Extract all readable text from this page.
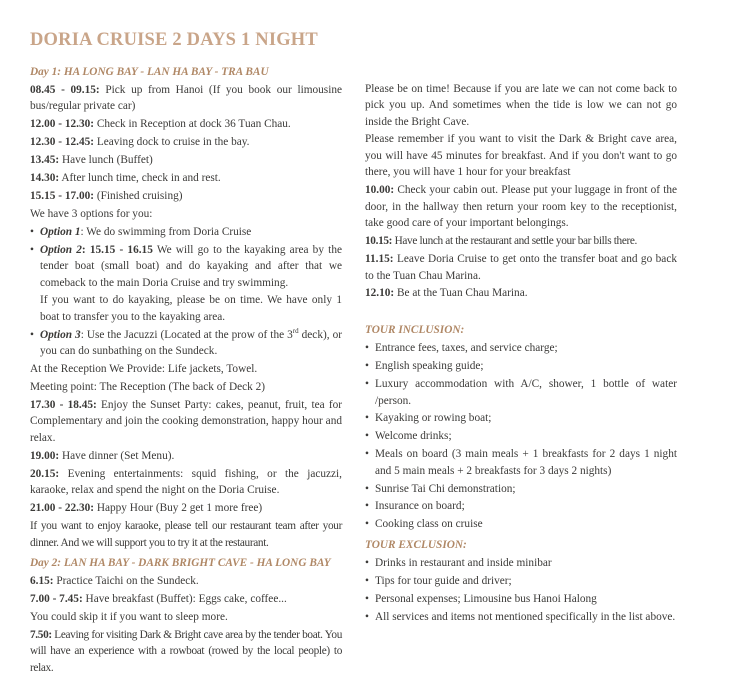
DORIA CRUISE 2 DAYS 1 NIGHT
Day 1: HA LONG BAY - LAN HA BAY - TRA BAU
08.45 - 09.15: Pick up from Hanoi (If you book our limousine bus/regular private car)
12.00 - 12.30: Check in Reception at dock 36 Tuan Chau.
12.30 - 12.45: Leaving dock to cruise in the bay.
13.45: Have lunch (Buffet)
14.30: After lunch time, check in and rest.
15.15 - 17.00: (Finished cruising)
We have 3 options for you:
• Option 1: We do swimming from Doria Cruise
• Option 2: 15.15 - 16.15 We will go to the kayaking area by the tender boat (small boat) and do kayaking and after that we comeback to the main Doria Cruise and try swimming.
If you want to do kayaking, please be on time. We have only 1 boat to transfer you to the kayaking area.
• Option 3: Use the Jacuzzi (Located at the prow of the 3rd deck), or you can do sunbathing on the Sundeck.
At the Reception We Provide: Life jackets, Towel.
Meeting point: The Reception (The back of Deck 2)
17.30 - 18.45: Enjoy the Sunset Party: cakes, peanut, fruit, tea for Complementary and join the cooking demonstration, happy hour and relax.
19.00: Have dinner (Set Menu).
20.15: Evening entertainments: squid fishing, or the jacuzzi, karaoke, relax and spend the night on the Doria Cruise.
21.00 - 22.30: Happy Hour (Buy 2 get 1 more free)
If you want to enjoy karaoke, please tell our restaurant team after your dinner. And we will support you to try it at the restaurant.
Day 2: LAN HA BAY - DARK BRIGHT CAVE - HA LONG BAY
6.15: Practice Taichi on the Sundeck.
7.00 - 7.45: Have breakfast (Buffet): Eggs cake, coffee...
You could skip it if you want to sleep more.
7.50: Leaving for visiting Dark & Bright cave area by the tender boat. You will have an experience with a rowboat (rowed by the local people) to relax.
Please be on time! Because if you are late we can not come back to pick you up. And sometimes when the tide is low we can not go inside the Bright Cave.
Please remember if you want to visit the Dark & Bright cave area, you will have 45 minutes for breakfast. And if you don't want to go there, you will have 1 hour for your breakfast
10.00: Check your cabin out. Please put your luggage in front of the door, in the hallway then return your room key to the receptionist, take good care of your important belongings.
10.15: Have lunch at the restaurant and settle your bar bills there.
11.15: Leave Doria Cruise to get onto the transfer boat and go back to the Tuan Chau Marina.
12.10: Be at the Tuan Chau Marina.
TOUR INCLUSION:
• Entrance fees, taxes, and service charge;
• English speaking guide;
• Luxury accommodation with A/C, shower, 1 bottle of water /person.
• Kayaking or rowing boat;
• Welcome drinks;
• Meals on board (3 main meals + 1 breakfasts for 2 days 1 night and 5 main meals + 2 breakfasts for 3 days 2 nights)
• Sunrise Tai Chi demonstration;
• Insurance on board;
• Cooking class on cruise
TOUR EXCLUSION:
• Drinks in restaurant and inside minibar
• Tips for tour guide and driver;
• Personal expenses; Limousine bus Hanoi Halong
• All services and items not mentioned specifically in the list above.
